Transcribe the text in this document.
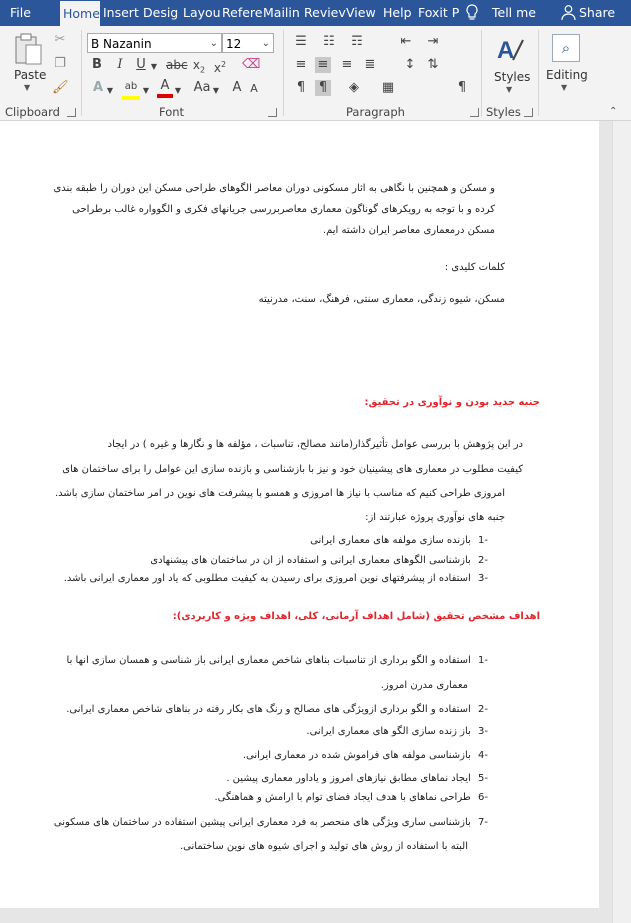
File	Home Insert Desig Layou Refere Mailin Reviev View Help Foxit P	Tell me	Share
Paste
▼
✂
❐
🖌
Clipboard
B Nazanin	⌄ 12 ⌄
B	I	U ▼ abc $x_2$ $x^2$ ⌫
A ▼ ab ▼ A ▼ Aa ▼ A A
Font
☰ ☷ ☶	⇤ ⇥
≡ ≡ ≡ ≣ ↕
¶ ¶ ◈ ▦
⇅
¶
Paragraph
A
Styles
▼
Styles
⌕
Editing
▼
⌃
و مسکن و همچنین با نگاهی به اثار مسکونی دوران معاصر الگوهای طراحی مسکن این دوران را طبقه بندی
کرده و با توجه به رویکرهای گوناگون معماری معاصربررسی جریانهای فکری و الگوواره غالب برطراحی
مسکن درمعماری معاصر ایران داشته ایم.
کلمات کلیدی :
مسکن، شیوه زندگی، معماری سنتی، فرهنگ، سنت، مدرنیته
جنبه جدید بودن و نوآوری در تحقیق:
در این پژوهش با بررسی عوامل تأثیرگذار(مانند مصالح، تناسبات ، مؤلفه ها و نگارها و غیره ) در ایجاد
کیفیت مطلوب در معماری های پیشینیان خود و نیز با بازشناسی و بازنده سازی این عوامل را برای ساختمان های
امروزی طراحی کنیم که مناسب با نیاز ها امروزی و همسو با پیشرفت های نوین در امر ساختمان سازی باشد.
جنبه های نوآوری پروژه عبارتند از:
1- بازنده سازی مولفه های معماری ایرانی
2- بازشناسی الگوهای معماری ایرانی و استفاده از ان در ساختمان های پیشنهادی
3- استفاده از پیشرفتهای نوین امروزی برای رسیدن به کیفیت مطلوبی که یاد اور معماری ایرانی باشد.
اهداف مشخص تحقیق (شامل اهداف آرمانی، کلی، اهداف ویژه و کاربردی):
1- استفاده و الگو برداری از تناسبات بناهای شاخص معماری ایرانی باز شناسی و همسان سازی انها با
معماری مدرن امروز.
2- استفاده و الگو برداری ازویژگی های مصالح و رنگ های بکار رفته در بناهای شاخص معماری ایرانی.
3- باز زنده سازی الگو های معماری ایرانی.
4- بازشناسی مولفه های فراموش شده در معماری ایرانی.
5- ایجاد نماهای مطابق نیازهای امروز و یاداور معماری پیشین .
6- طراحی نماهای با هدف ایجاد فضای توام با ارامش و هماهنگی.
7- بازشناسی ساری ویژگی های منحصر به فرد معماری ایرانی پیشین استفاده در ساختمان های مسکونی
البته با استفاده از روش های تولید و اجرای شیوه های نوین ساختمانی.
